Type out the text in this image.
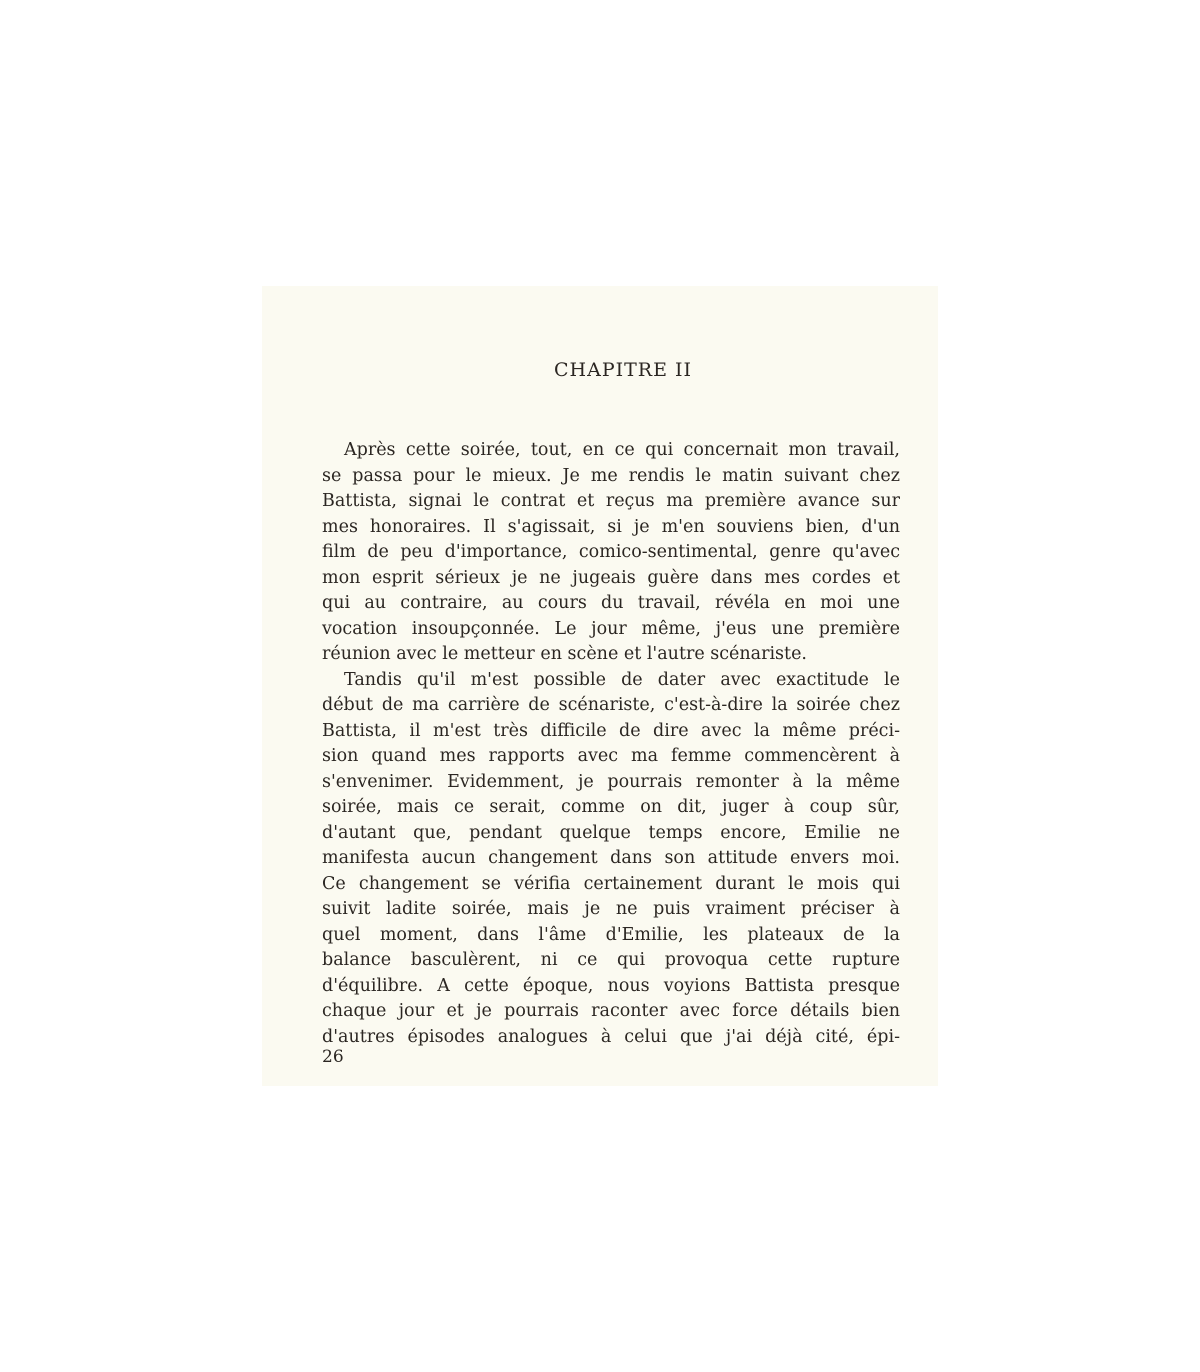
CHAPITRE II
Après cette soirée, tout, en ce qui concernait mon travail,
se passa pour le mieux. Je me rendis le matin suivant chez
Battista, signai le contrat et reçus ma première avance sur
mes honoraires. Il s'agissait, si je m'en souviens bien, d'un
film de peu d'importance, comico-sentimental, genre qu'avec
mon esprit sérieux je ne jugeais guère dans mes cordes et
qui au contraire, au cours du travail, révéla en moi une
vocation insoupçonnée. Le jour même, j'eus une première
réunion avec le metteur en scène et l'autre scénariste.
Tandis qu'il m'est possible de dater avec exactitude le
début de ma carrière de scénariste, c'est-à-dire la soirée chez
Battista, il m'est très difficile de dire avec la même préci-
sion quand mes rapports avec ma femme commencèrent à
s'envenimer. Evidemment, je pourrais remonter à la même
soirée, mais ce serait, comme on dit, juger à coup sûr,
d'autant que, pendant quelque temps encore, Emilie ne
manifesta aucun changement dans son attitude envers moi.
Ce changement se vérifia certainement durant le mois qui
suivit ladite soirée, mais je ne puis vraiment préciser à
quel moment, dans l'âme d'Emilie, les plateaux de la
balance basculèrent, ni ce qui provoqua cette rupture
d'équilibre. A cette époque, nous voyions Battista presque
chaque jour et je pourrais raconter avec force détails bien
d'autres épisodes analogues à celui que j'ai déjà cité, épi-
26
